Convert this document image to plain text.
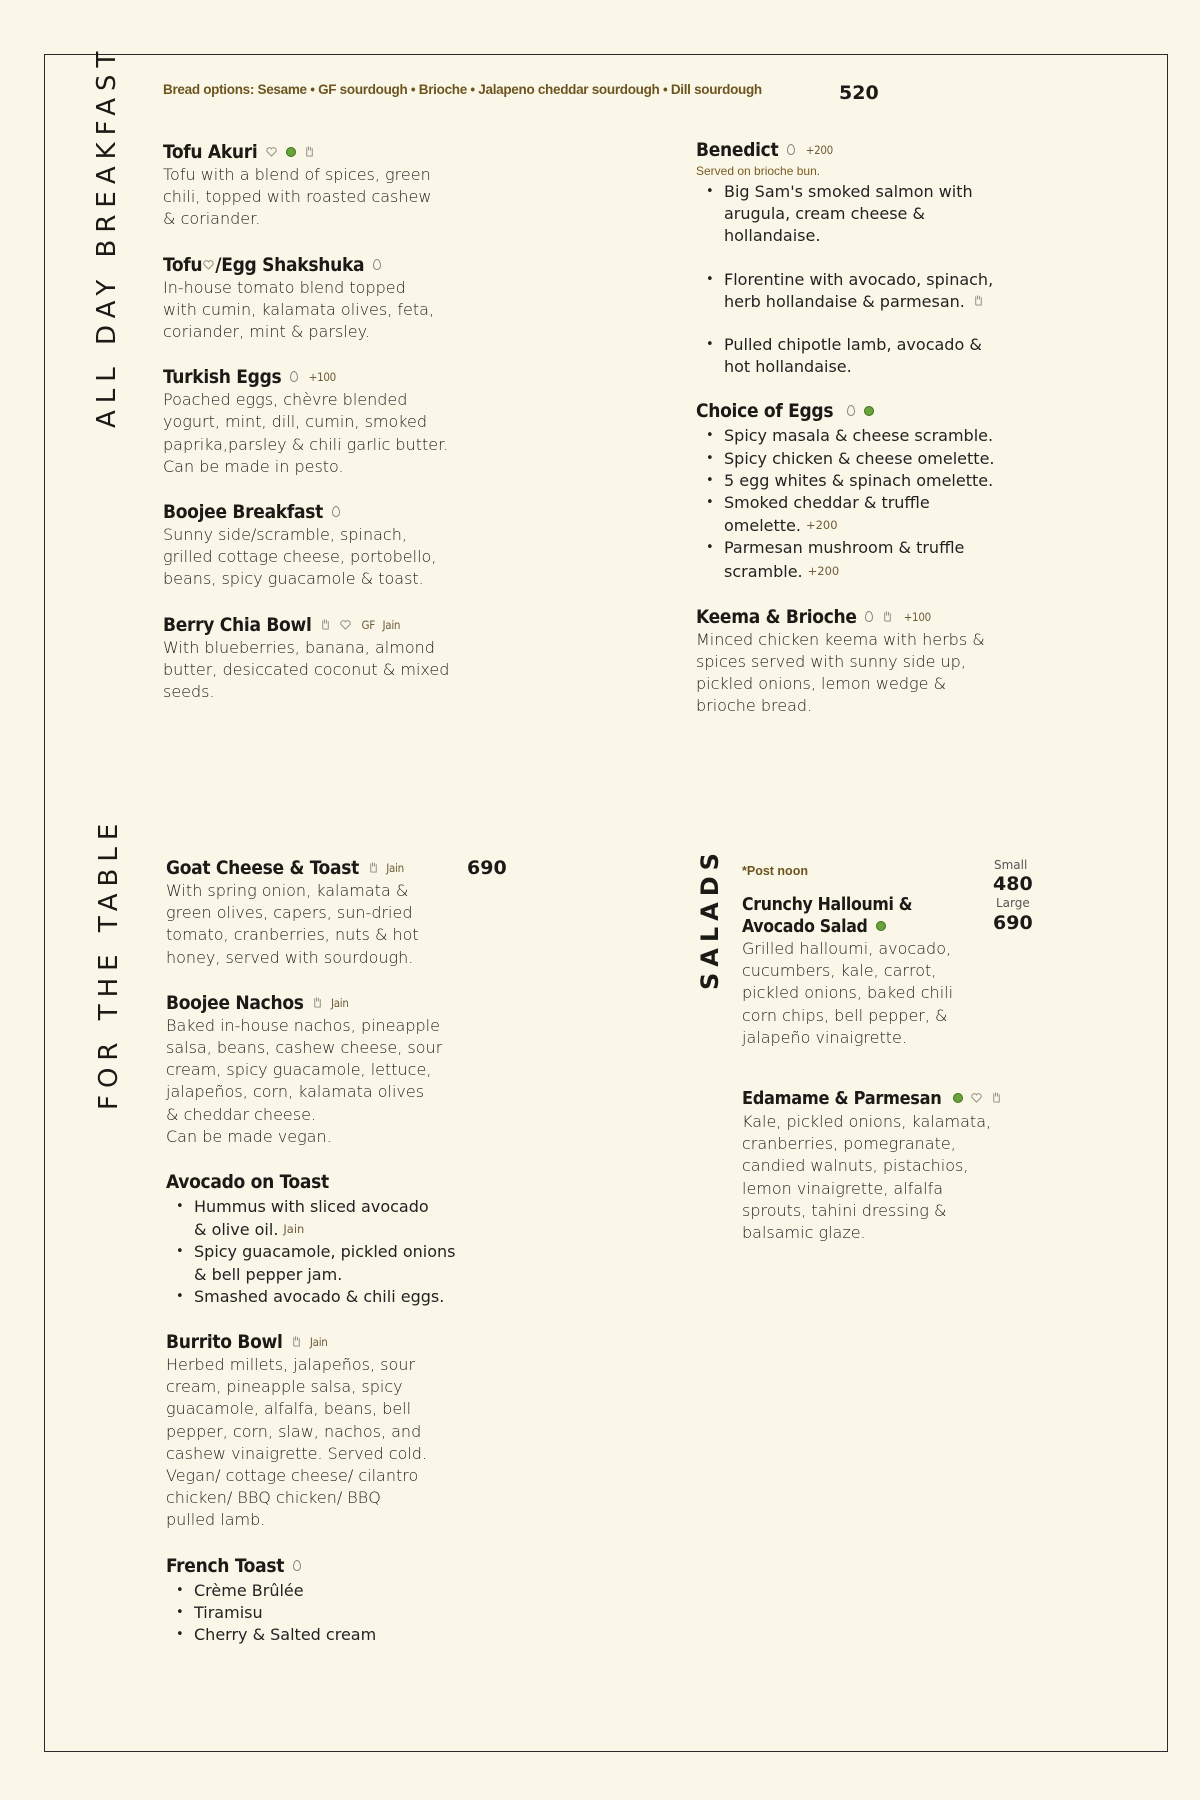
ALL DAY BREAKFAST
FOR THE TABLE	SALADS
Bread options: Sesame • GF sourdough • Brioche • Jalapeno cheddar sourdough • Dill sourdough	520
Tofu Akuri
Tofu with a blend of spices, green
chili, topped with roasted cashew
& coriander.
Tofu /Egg Shakshuka
In-house tomato blend topped
with cumin, kalamata olives, feta,
coriander, mint & parsley.
Turkish Eggs +100
Poached eggs, chèvre blended
yogurt, mint, dill, cumin, smoked
paprika,parsley & chili garlic butter.
Can be made in pesto.
Boojee Breakfast
Sunny side/scramble, spinach,
grilled cottage cheese, portobello,
beans, spicy guacamole & toast.
Berry Chia Bowl	GF Jain
With blueberries, banana, almond
butter, desiccated coconut & mixed
seeds.
Benedict +200
Served on brioche bun.
• Big Sam's smoked salmon with
arugula, cream cheese &
hollandaise.
• Florentine with avocado, spinach,
herb hollandaise & parmesan.
• Pulled chipotle lamb, avocado &
hot hollandaise.
Choice of Eggs
• Spicy masala & cheese scramble.
• Spicy chicken & cheese omelette.
• 5 egg whites & spinach omelette.
• Smoked cheddar & truffle
omelette. +200
• Parmesan mushroom & truffle
scramble. +200
Keema & Brioche	+100
Minced chicken keema with herbs &
spices served with sunny side up,
pickled onions, lemon wedge &
brioche bread.
690
Goat Cheese & Toast Jain
With spring onion, kalamata &
green olives, capers, sun-dried
tomato, cranberries, nuts & hot
honey, served with sourdough.
Boojee Nachos Jain
Baked in-house nachos, pineapple
salsa, beans, cashew cheese, sour
cream, spicy guacamole, lettuce,
jalapeños, corn, kalamata olives
& cheddar cheese.
Can be made vegan.
Avocado on Toast
• Hummus with sliced avocado
& olive oil. Jain
• Spicy guacamole, pickled onions
& bell pepper jam.
• Smashed avocado & chili eggs.
Burrito Bowl Jain
Herbed millets, jalapeños, sour
cream, pineapple salsa, spicy
guacamole, alfalfa, beans, bell
pepper, corn, slaw, nachos, and
cashew vinaigrette. Served cold.
Vegan/ cottage cheese/ cilantro
chicken/ BBQ chicken/ BBQ
pulled lamb.
French Toast
• Crème Brûlée
• Tiramisu
• Cherry & Salted cream
*Post noon	Small
480
Large
690
Crunchy Halloumi &
Avocado Salad
Grilled halloumi, avocado,
cucumbers, kale, carrot,
pickled onions, baked chili
corn chips, bell pepper, &
jalapeño vinaigrette.
Edamame & Parmesan
Kale, pickled onions, kalamata,
cranberries, pomegranate,
candied walnuts, pistachios,
lemon vinaigrette, alfalfa
sprouts, tahini dressing &
balsamic glaze.
